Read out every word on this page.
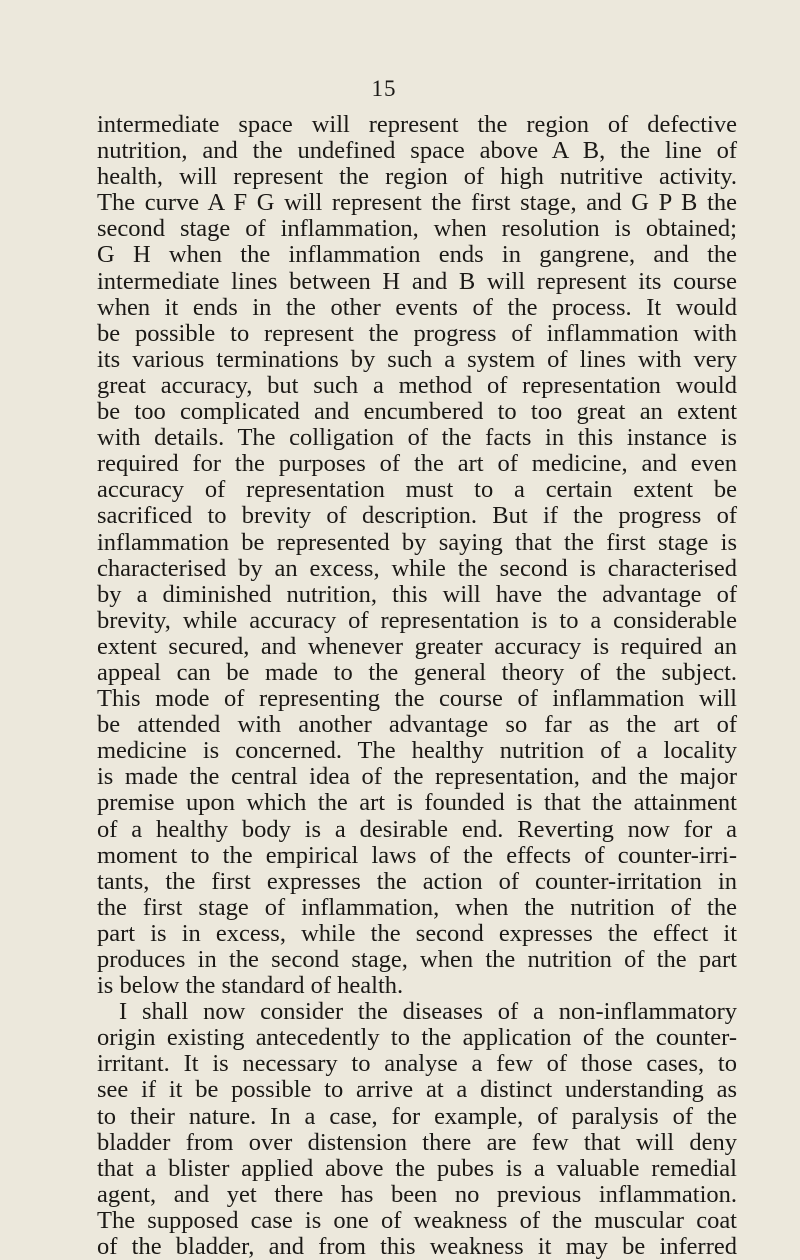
15
intermediate space will represent the region of defective
nutrition, and the undefined space above A B, the line of
health, will represent the region of high nutritive activity.
The curve A F G will represent the first stage, and G P B the
second stage of inflammation, when resolution is obtained;
G H when the inflammation ends in gangrene, and the
intermediate lines between H and B will represent its course
when it ends in the other events of the process. It would
be possible to represent the progress of inflammation with
its various terminations by such a system of lines with very
great accuracy, but such a method of representation would
be too complicated and encumbered to too great an extent
with details. The colligation of the facts in this instance is
required for the purposes of the art of medicine, and even
accuracy of representation must to a certain extent be
sacrificed to brevity of description. But if the progress of
inflammation be represented by saying that the first stage is
characterised by an excess, while the second is characterised
by a diminished nutrition, this will have the advantage of
brevity, while accuracy of representation is to a considerable
extent secured, and whenever greater accuracy is required an
appeal can be made to the general theory of the subject.
This mode of representing the course of inflammation will
be attended with another advantage so far as the art of
medicine is concerned. The healthy nutrition of a locality
is made the central idea of the representation, and the major
premise upon which the art is founded is that the attainment
of a healthy body is a desirable end. Reverting now for a
moment to the empirical laws of the effects of counter-irri-
tants, the first expresses the action of counter-irritation in
the first stage of inflammation, when the nutrition of the
part is in excess, while the second expresses the effect it
produces in the second stage, when the nutrition of the part
is below the standard of health.
I shall now consider the diseases of a non-inflammatory
origin existing antecedently to the application of the counter-
irritant. It is necessary to analyse a few of those cases, to
see if it be possible to arrive at a distinct understanding as
to their nature. In a case, for example, of paralysis of the
bladder from over distension there are few that will deny
that a blister applied above the pubes is a valuable remedial
agent, and yet there has been no previous inflammation.
The supposed case is one of weakness of the muscular coat
of the bladder, and from this weakness it may be inferred
